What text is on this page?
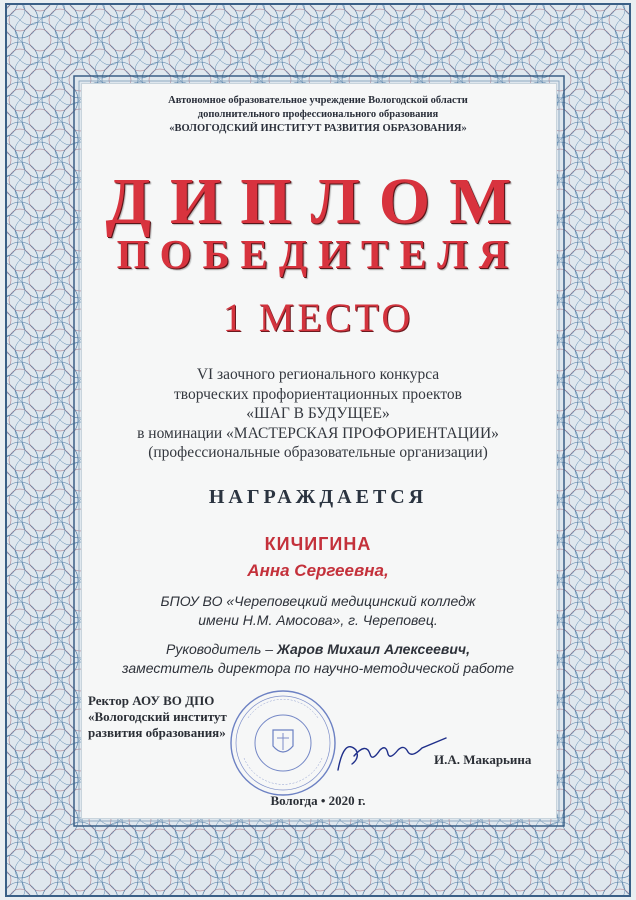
Автономное образовательное учреждение Вологодской области
дополнительного профессионального образования
«ВОЛОГОДСКИЙ ИНСТИТУТ РАЗВИТИЯ ОБРАЗОВАНИЯ»
ДИПЛОМ
ПОБЕДИТЕЛЯ
1 МЕСТО
VI заочного регионального конкурса
творческих профориентационных проектов
«ШАГ В БУДУЩЕЕ»
в номинации «МАСТЕРСКАЯ ПРОФОРИЕНТАЦИИ»
(профессиональные образовательные организации)
НАГРАЖДАЕТСЯ
КИЧИГИНА
Анна Сергеевна,
БПОУ ВО «Череповецкий медицинский колледж
имени Н.М. Амосова», г. Череповец.
Руководитель – Жаров Михаил Алексеевич,
заместитель директора по научно-методической работе
Ректор АОУ ВО ДПО
«Вологодский институт
развития образования»
И.А. Макарьина
Вологда • 2020 г.
